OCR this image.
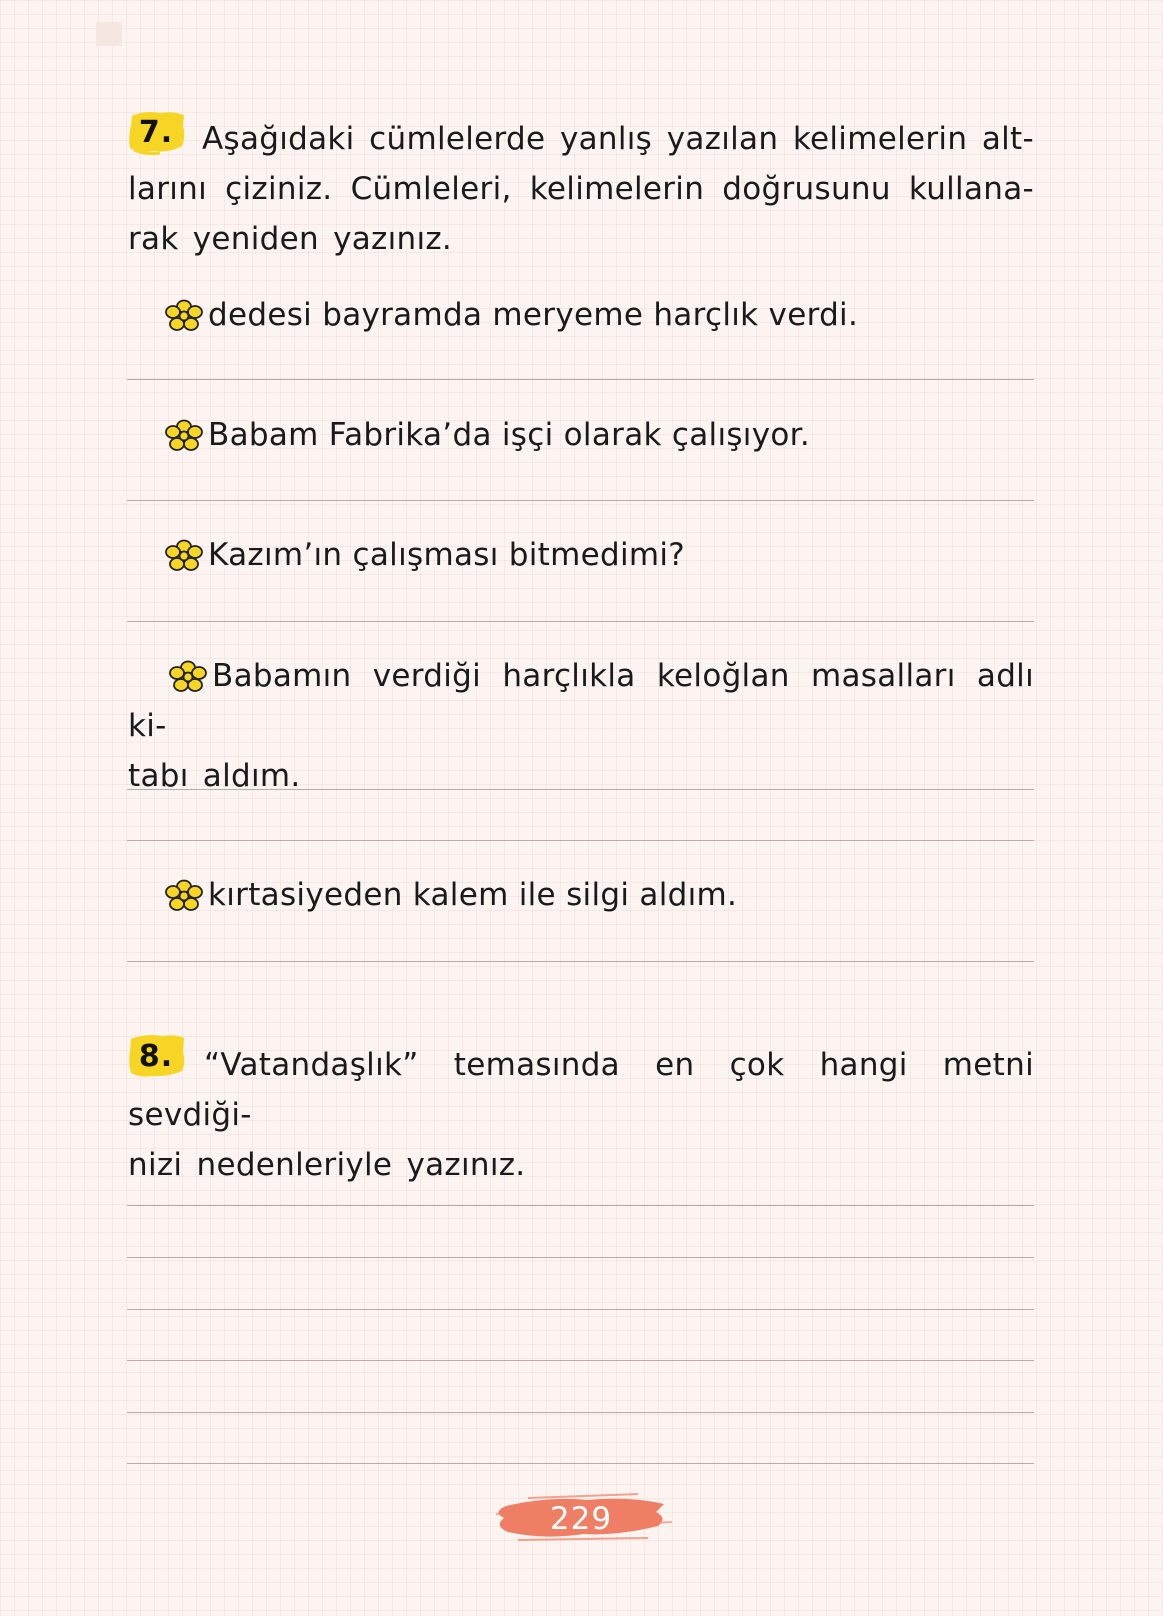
7. Aşağıdaki cümlelerde yanlış yazılan kelimelerin alt-
larını çiziniz. Cümleleri, kelimelerin doğrusunu kullana-
rak yeniden yazınız.
dedesi bayramda meryeme harçlık verdi.
Babam Fabrika’da işçi olarak çalışıyor.
Kazım’ın çalışması bitmedimi?
Babamın verdiği harçlıkla keloğlan masalları adlı ki-
tabı aldım.
kırtasiyeden kalem ile silgi aldım.
8. “Vatandaşlık” temasında en çok hangi metni sevdiği-
nizi nedenleriyle yazınız.
229
